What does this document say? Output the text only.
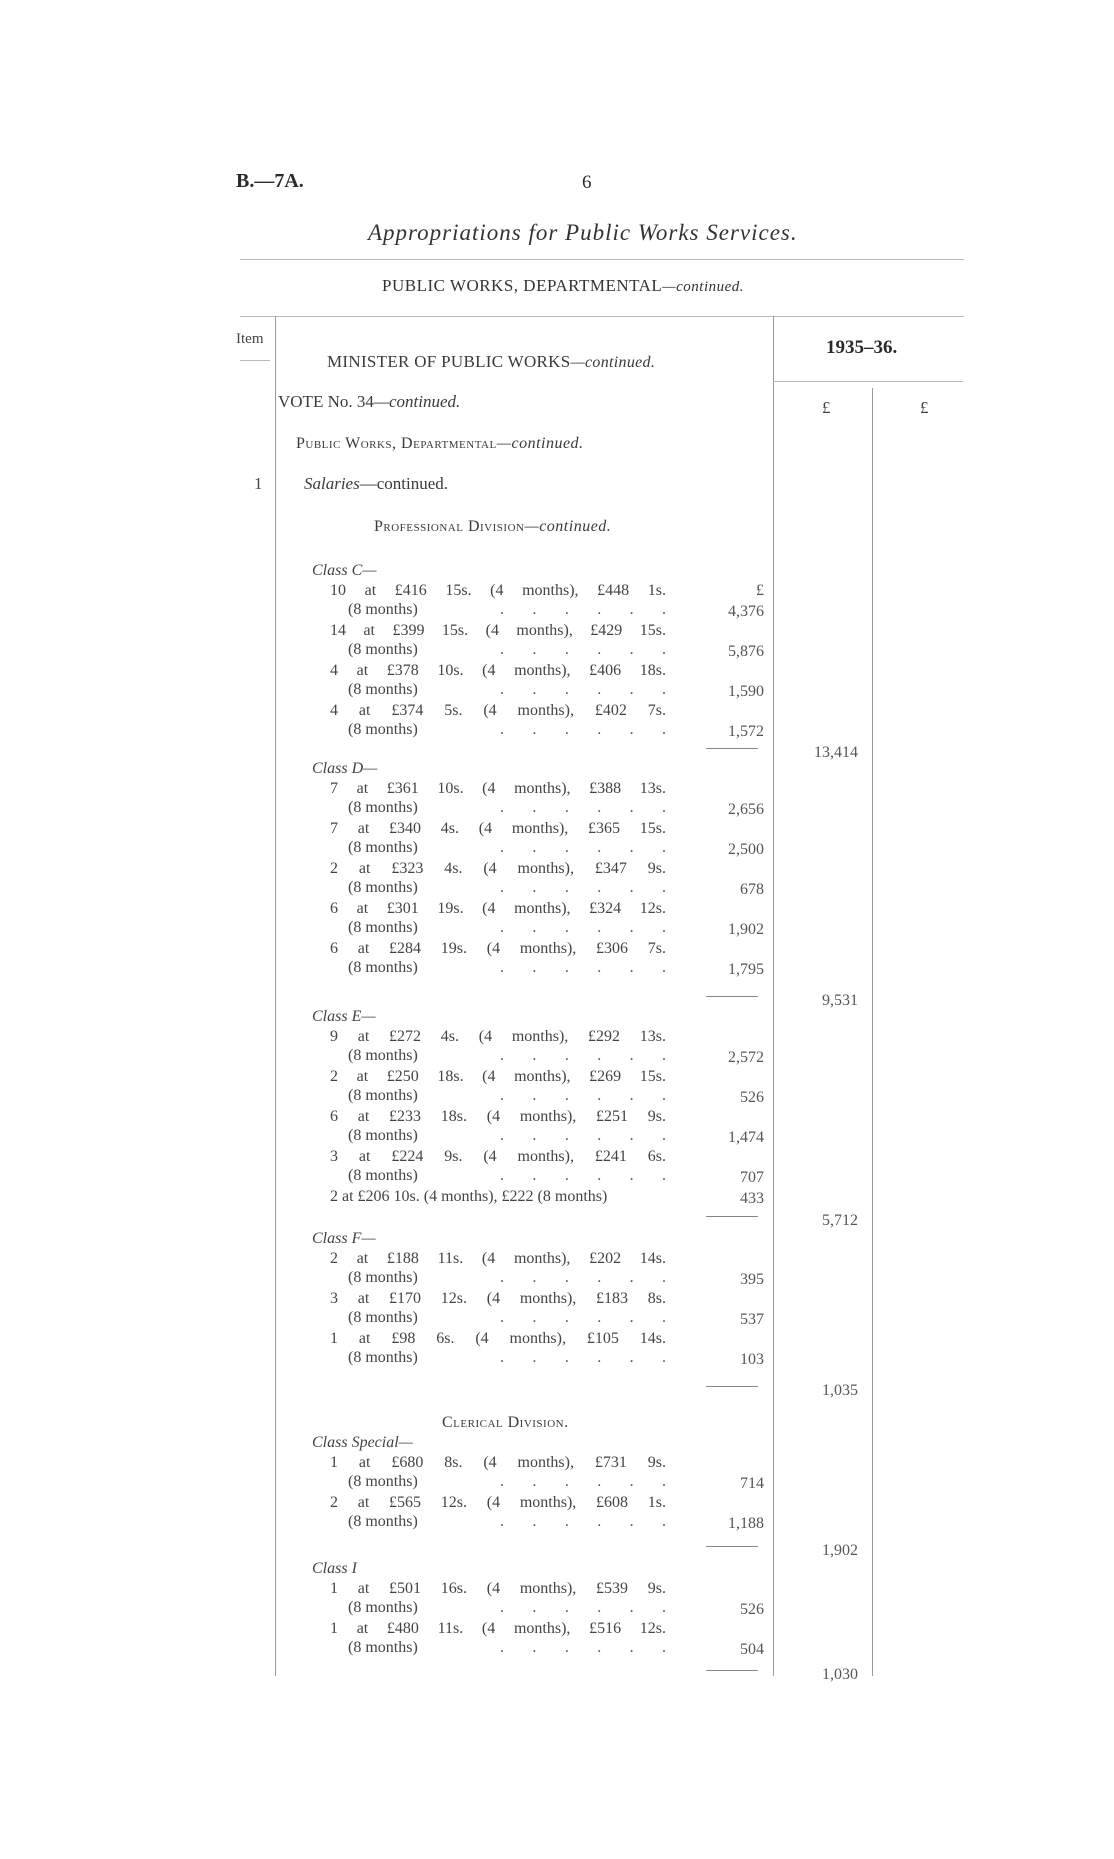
B.—7A.	6
Appropriations for Public Works Services.
PUBLIC WORKS, DEPARTMENTAL—continued.
Item
MINISTER OF PUBLIC WORKS—continued.
1935–36.
£	£
VOTE No. 34—continued.
Public Works, Departmental—continued.
1 Salaries—continued.
Professional Division—continued.
Class C—
£
10 at £416 15s. (4 months), £448 1s.
(8 months)	. . . . . .	4,376
14 at £399 15s. (4 months), £429 15s.
(8 months)	. . . . . .	5,876
4 at £378 10s. (4 months), £406 18s.
(8 months)	. . . . . .	1,590
4 at £374 5s. (4 months), £402 7s.
(8 months)	. . . . . .	1,572
13,414
Class D—
7 at £361 10s. (4 months), £388 13s.
(8 months)	. . . . . .	2,656
7 at £340 4s. (4 months), £365 15s.
(8 months)	. . . . . .	2,500
2 at £323 4s. (4 months), £347 9s.
(8 months)	. . . . . .	678
6 at £301 19s. (4 months), £324 12s.
(8 months)	. . . . . .	1,902
6 at £284 19s. (4 months), £306 7s.
(8 months)	. . . . . .	1,795
9,531
Class E—
9 at £272 4s. (4 months), £292 13s.
(8 months)	. . . . . .	2,572
2 at £250 18s. (4 months), £269 15s.
(8 months)	. . . . . .	526
6 at £233 18s. (4 months), £251 9s.
(8 months)	. . . . . .	1,474
3 at £224 9s. (4 months), £241 6s.
(8 months)	. . . . . .	707
2 at £206 10s. (4 months), £222 (8 months)	433
5,712
Class F—
2 at £188 11s. (4 months), £202 14s.
(8 months)	. . . . . .	395
3 at £170 12s. (4 months), £183 8s.
(8 months)	. . . . . .	537
1 at £98 6s. (4 months), £105 14s.
(8 months)	. . . . . .	103
1,035
Clerical Division.
Class Special—
1 at £680 8s. (4 months), £731 9s.
(8 months)	. . . . . .	714
2 at £565 12s. (4 months), £608 1s.
(8 months)	. . . . . .	1,188
1,902
Class I
1 at £501 16s. (4 months), £539 9s.
(8 months)	. . . . . .	526
1 at £480 11s. (4 months), £516 12s.
(8 months)	. . . . . .	504
1,030
